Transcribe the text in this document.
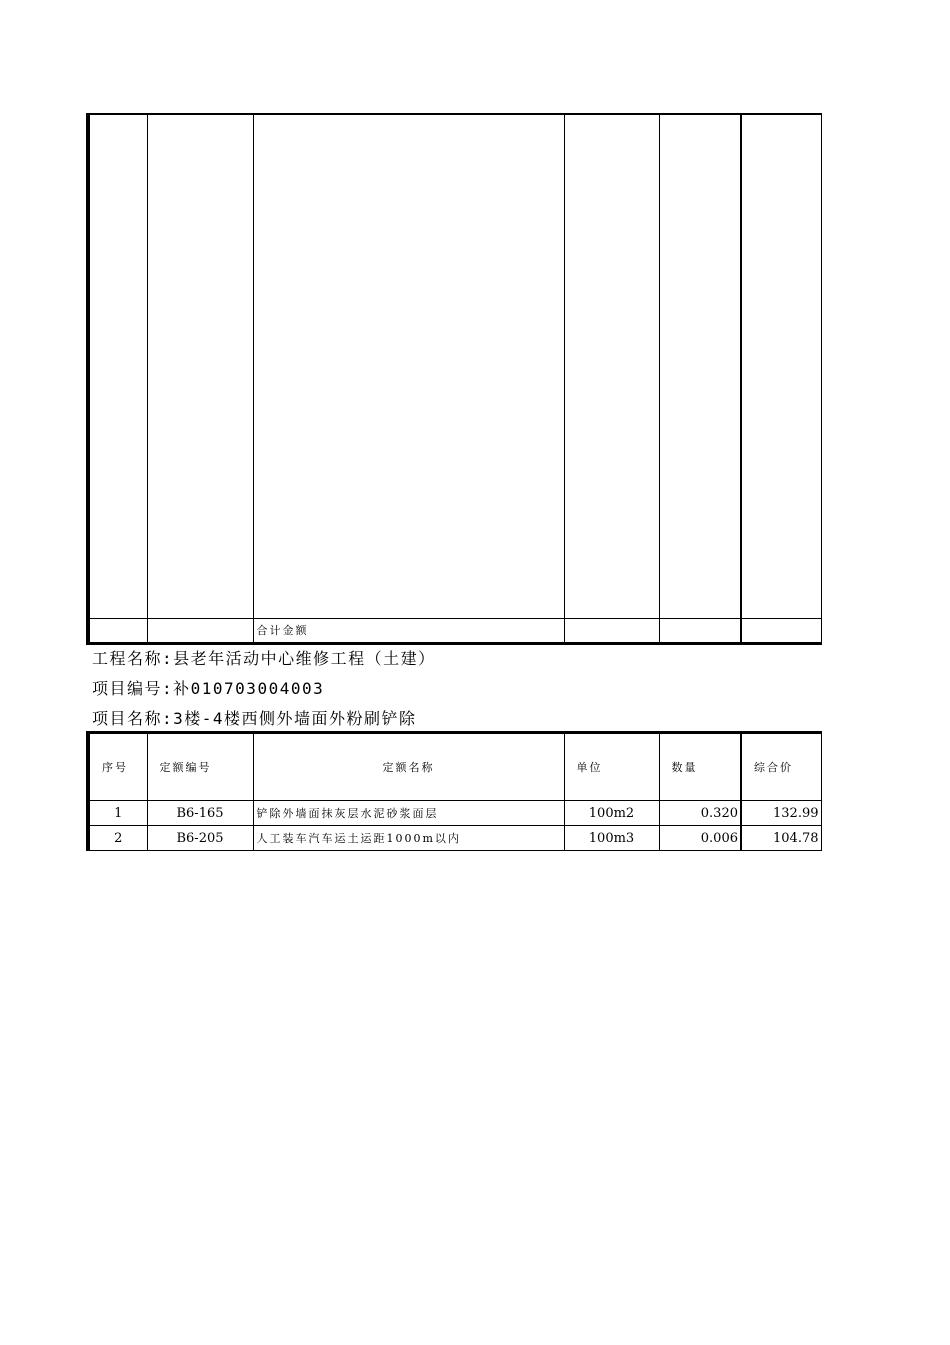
		合计金额			
工程名称:县老年活动中心维修工程（土建）
项目编号:补010703004003
项目名称:3楼-4楼西侧外墙面外粉刷铲除
序号	定额编号	定额名称	单位	数量	综合价
1	B6-165	铲除外墙面抹灰层水泥砂浆面层	100m2	0.320	132.99
2	B6-205	人工装车汽车运土运距1000m以内	100m3	0.006	104.78
